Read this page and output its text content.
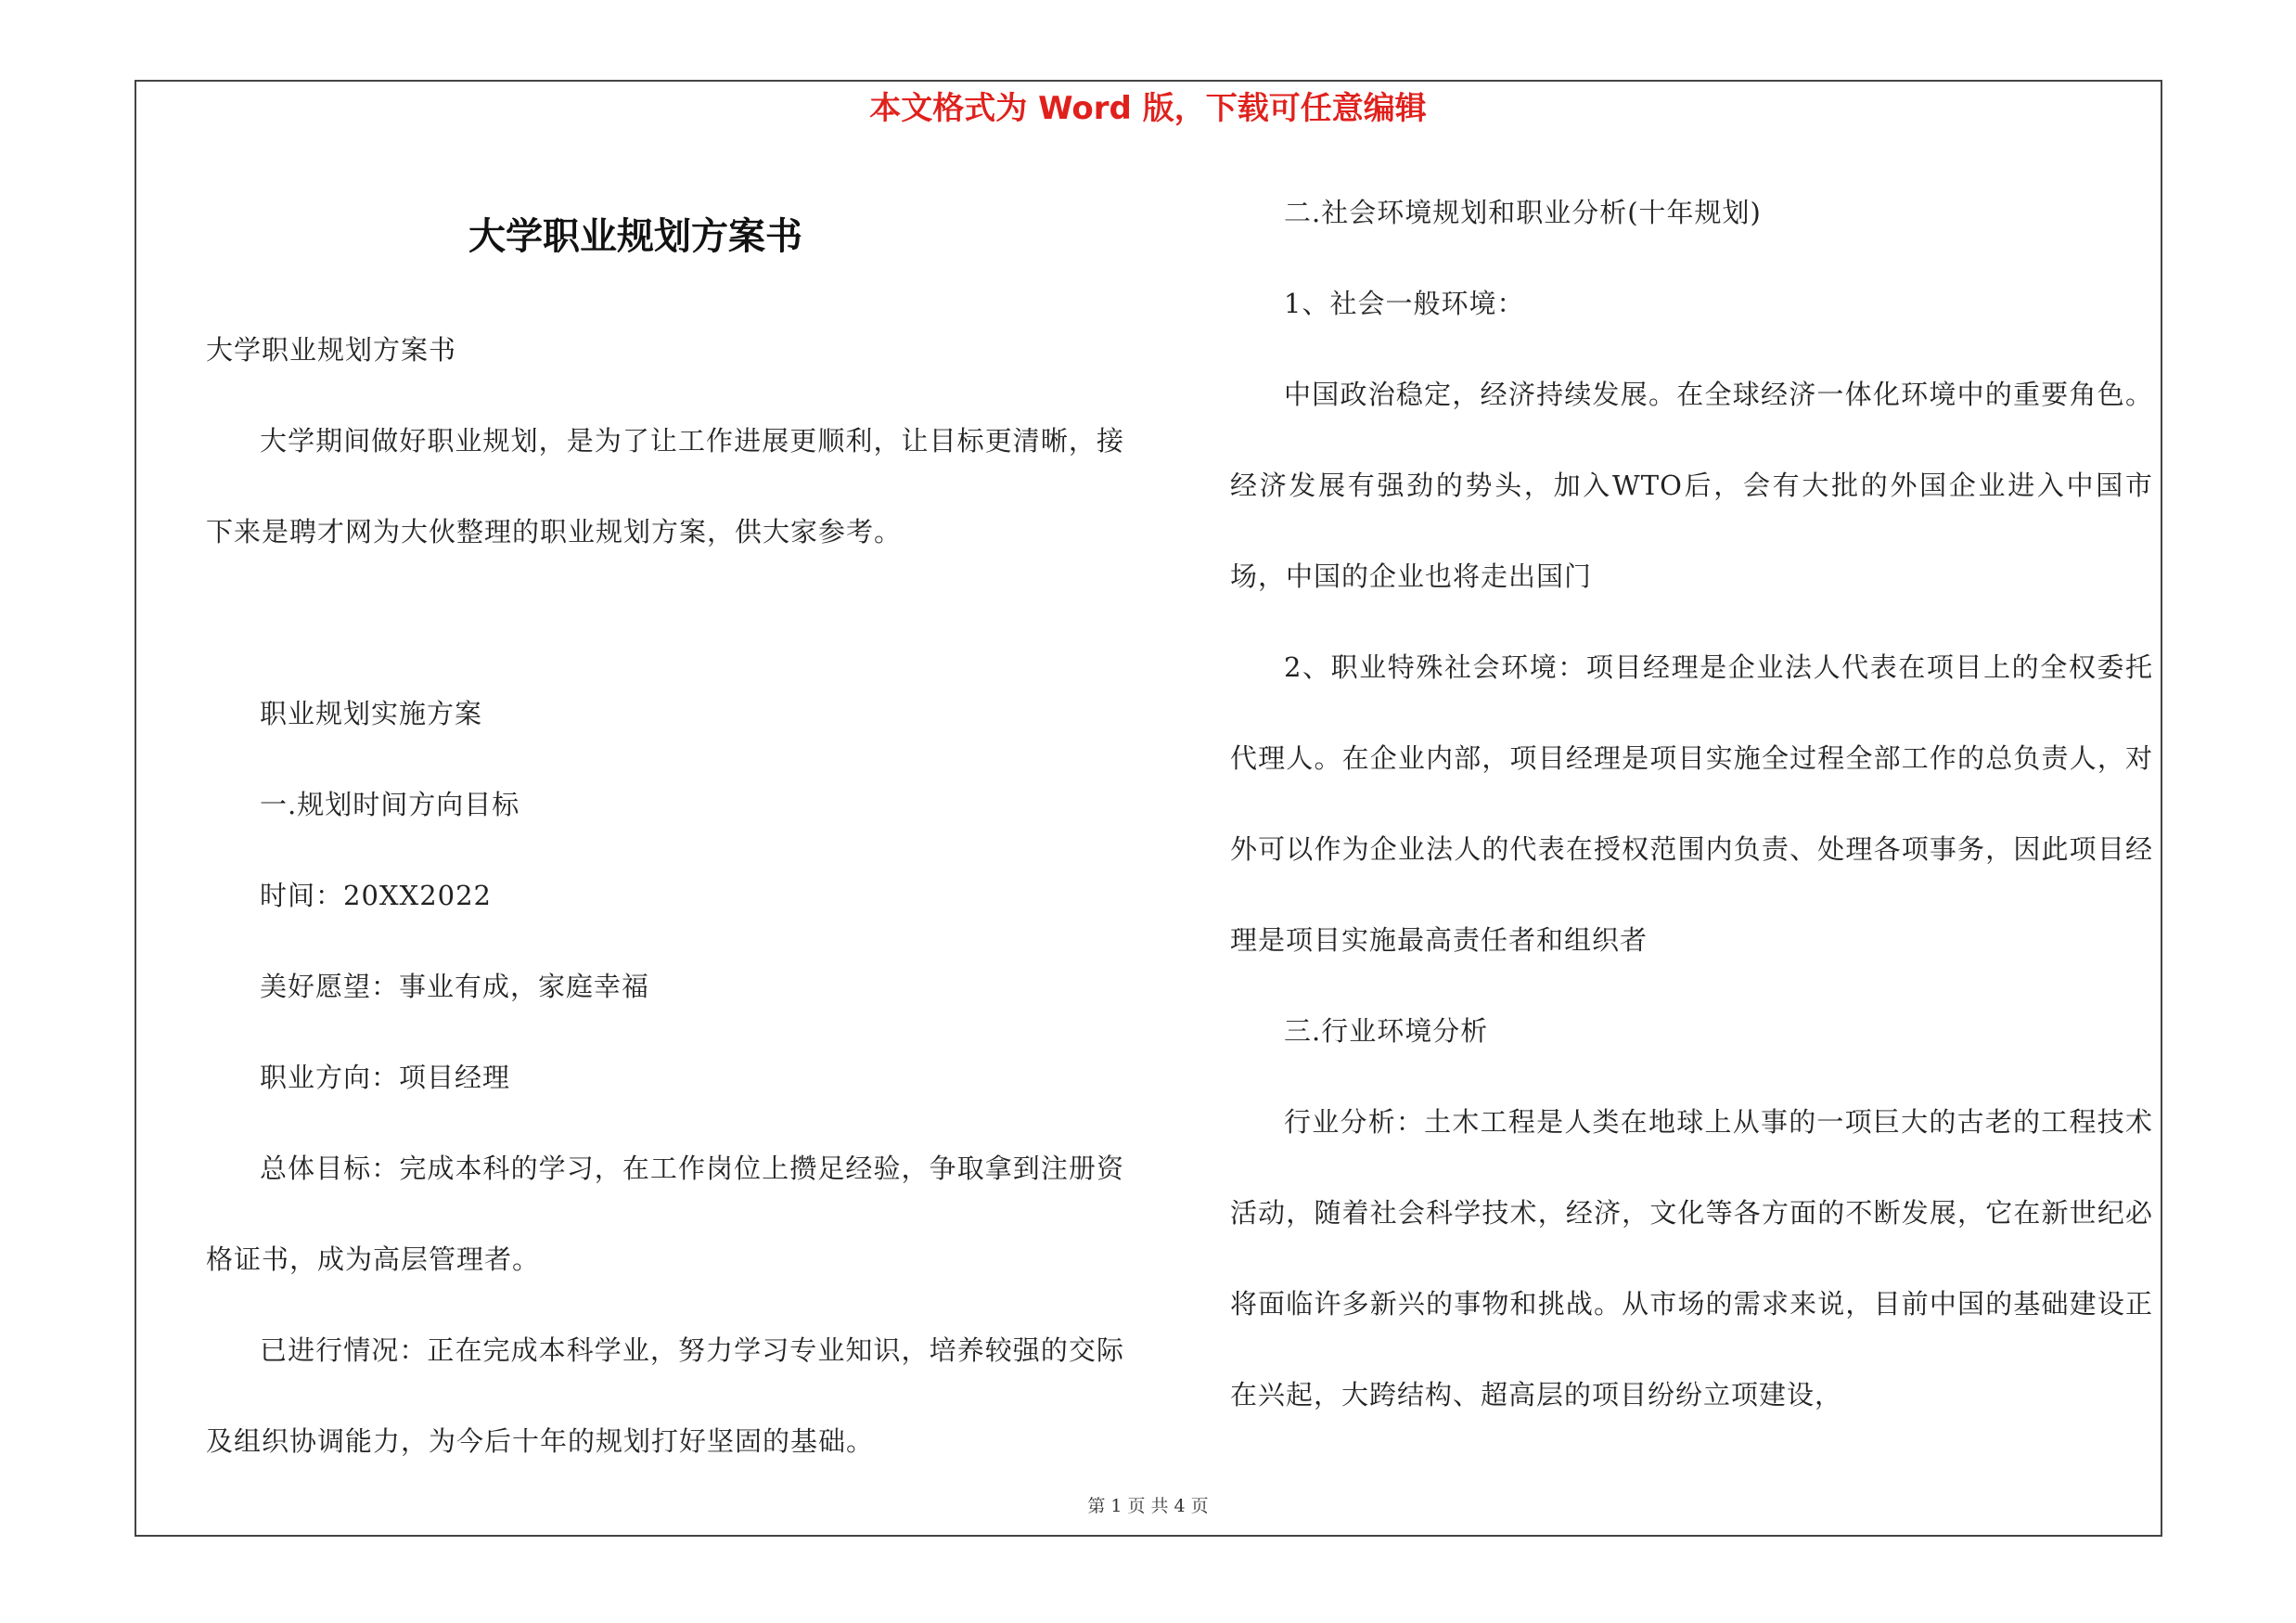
本文格式为 Word 版，下载可任意编辑
大学职业规划方案书

大学职业规划方案书

大学期间做好职业规划，是为了让工作进展更顺利，让目标更清晰，接下来是聘才网为大伙整理的职业规划方案，供大家参考。

职业规划实施方案

一.规划时间方向目标

时间：20XX2022

美好愿望：事业有成，家庭幸福

职业方向：项目经理

总体目标：完成本科的学习，在工作岗位上攒足经验，争取拿到注册资格证书，成为高层管理者。

已进行情况：正在完成本科学业，努力学习专业知识，培养较强的交际及组织协调能力，为今后十年的规划打好坚固的基础。

二.社会环境规划和职业分析(十年规划)

1、社会一般环境：

中国政治稳定，经济持续发展。在全球经济一体化环境中的重要角色。经济发展有强劲的势头，加入WTO后，会有大批的外国企业进入中国市场，中国的企业也将走出国门

2、职业特殊社会环境：项目经理是企业法人代表在项目上的全权委托代理人。在企业内部，项目经理是项目实施全过程全部工作的总负责人，对外可以作为企业法人的代表在授权范围内负责、处理各项事务，因此项目经理是项目实施最高责任者和组织者

三.行业环境分析

行业分析：土木工程是人类在地球上从事的一项巨大的古老的工程技术活动，随着社会科学技术，经济，文化等各方面的不断发展，它在新世纪必将面临许多新兴的事物和挑战。从市场的需求来说，目前中国的基础建设正在兴起，大跨结构、超高层的项目纷纷立项建设，

第 1 页 共 4 页
